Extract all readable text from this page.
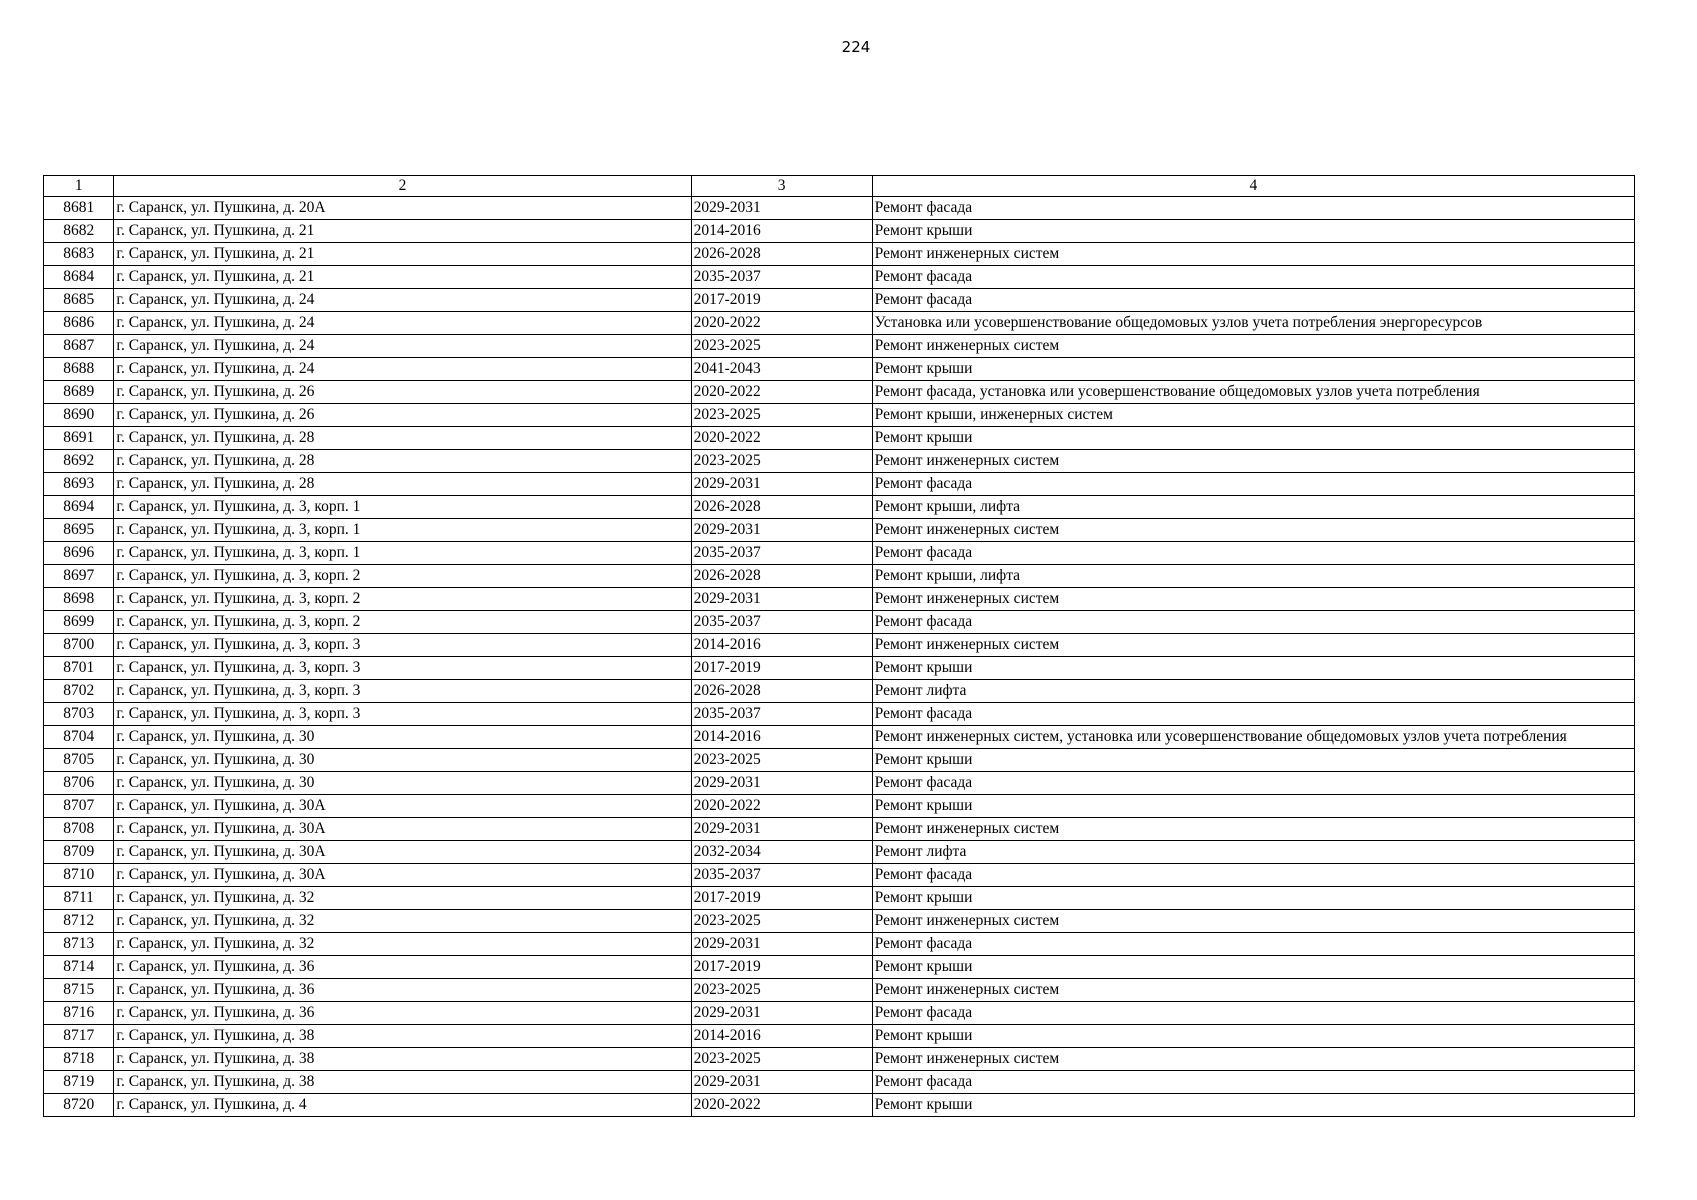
224
1	2	3	4
8681	г. Саранск, ул. Пушкина, д. 20А	2029-2031	Ремонт фасада
8682	г. Саранск, ул. Пушкина, д. 21	2014-2016	Ремонт крыши
8683	г. Саранск, ул. Пушкина, д. 21	2026-2028	Ремонт инженерных систем
8684	г. Саранск, ул. Пушкина, д. 21	2035-2037	Ремонт фасада
8685	г. Саранск, ул. Пушкина, д. 24	2017-2019	Ремонт фасада
8686	г. Саранск, ул. Пушкина, д. 24	2020-2022	Установка или усовершенствование общедомовых узлов учета потребления энергоресурсов
8687	г. Саранск, ул. Пушкина, д. 24	2023-2025	Ремонт инженерных систем
8688	г. Саранск, ул. Пушкина, д. 24	2041-2043	Ремонт крыши
8689	г. Саранск, ул. Пушкина, д. 26	2020-2022	Ремонт фасада, установка или усовершенствование общедомовых узлов учета потребления
8690	г. Саранск, ул. Пушкина, д. 26	2023-2025	Ремонт крыши, инженерных систем
8691	г. Саранск, ул. Пушкина, д. 28	2020-2022	Ремонт крыши
8692	г. Саранск, ул. Пушкина, д. 28	2023-2025	Ремонт инженерных систем
8693	г. Саранск, ул. Пушкина, д. 28	2029-2031	Ремонт фасада
8694	г. Саранск, ул. Пушкина, д. 3, корп. 1	2026-2028	Ремонт крыши, лифта
8695	г. Саранск, ул. Пушкина, д. 3, корп. 1	2029-2031	Ремонт инженерных систем
8696	г. Саранск, ул. Пушкина, д. 3, корп. 1	2035-2037	Ремонт фасада
8697	г. Саранск, ул. Пушкина, д. 3, корп. 2	2026-2028	Ремонт крыши, лифта
8698	г. Саранск, ул. Пушкина, д. 3, корп. 2	2029-2031	Ремонт инженерных систем
8699	г. Саранск, ул. Пушкина, д. 3, корп. 2	2035-2037	Ремонт фасада
8700	г. Саранск, ул. Пушкина, д. 3, корп. 3	2014-2016	Ремонт инженерных систем
8701	г. Саранск, ул. Пушкина, д. 3, корп. 3	2017-2019	Ремонт крыши
8702	г. Саранск, ул. Пушкина, д. 3, корп. 3	2026-2028	Ремонт лифта
8703	г. Саранск, ул. Пушкина, д. 3, корп. 3	2035-2037	Ремонт фасада
8704	г. Саранск, ул. Пушкина, д. 30	2014-2016	Ремонт инженерных систем, установка или усовершенствование общедомовых узлов учета потребления
8705	г. Саранск, ул. Пушкина, д. 30	2023-2025	Ремонт крыши
8706	г. Саранск, ул. Пушкина, д. 30	2029-2031	Ремонт фасада
8707	г. Саранск, ул. Пушкина, д. 30А	2020-2022	Ремонт крыши
8708	г. Саранск, ул. Пушкина, д. 30А	2029-2031	Ремонт инженерных систем
8709	г. Саранск, ул. Пушкина, д. 30А	2032-2034	Ремонт лифта
8710	г. Саранск, ул. Пушкина, д. 30А	2035-2037	Ремонт фасада
8711	г. Саранск, ул. Пушкина, д. 32	2017-2019	Ремонт крыши
8712	г. Саранск, ул. Пушкина, д. 32	2023-2025	Ремонт инженерных систем
8713	г. Саранск, ул. Пушкина, д. 32	2029-2031	Ремонт фасада
8714	г. Саранск, ул. Пушкина, д. 36	2017-2019	Ремонт крыши
8715	г. Саранск, ул. Пушкина, д. 36	2023-2025	Ремонт инженерных систем
8716	г. Саранск, ул. Пушкина, д. 36	2029-2031	Ремонт фасада
8717	г. Саранск, ул. Пушкина, д. 38	2014-2016	Ремонт крыши
8718	г. Саранск, ул. Пушкина, д. 38	2023-2025	Ремонт инженерных систем
8719	г. Саранск, ул. Пушкина, д. 38	2029-2031	Ремонт фасада
8720	г. Саранск, ул. Пушкина, д. 4	2020-2022	Ремонт крыши
